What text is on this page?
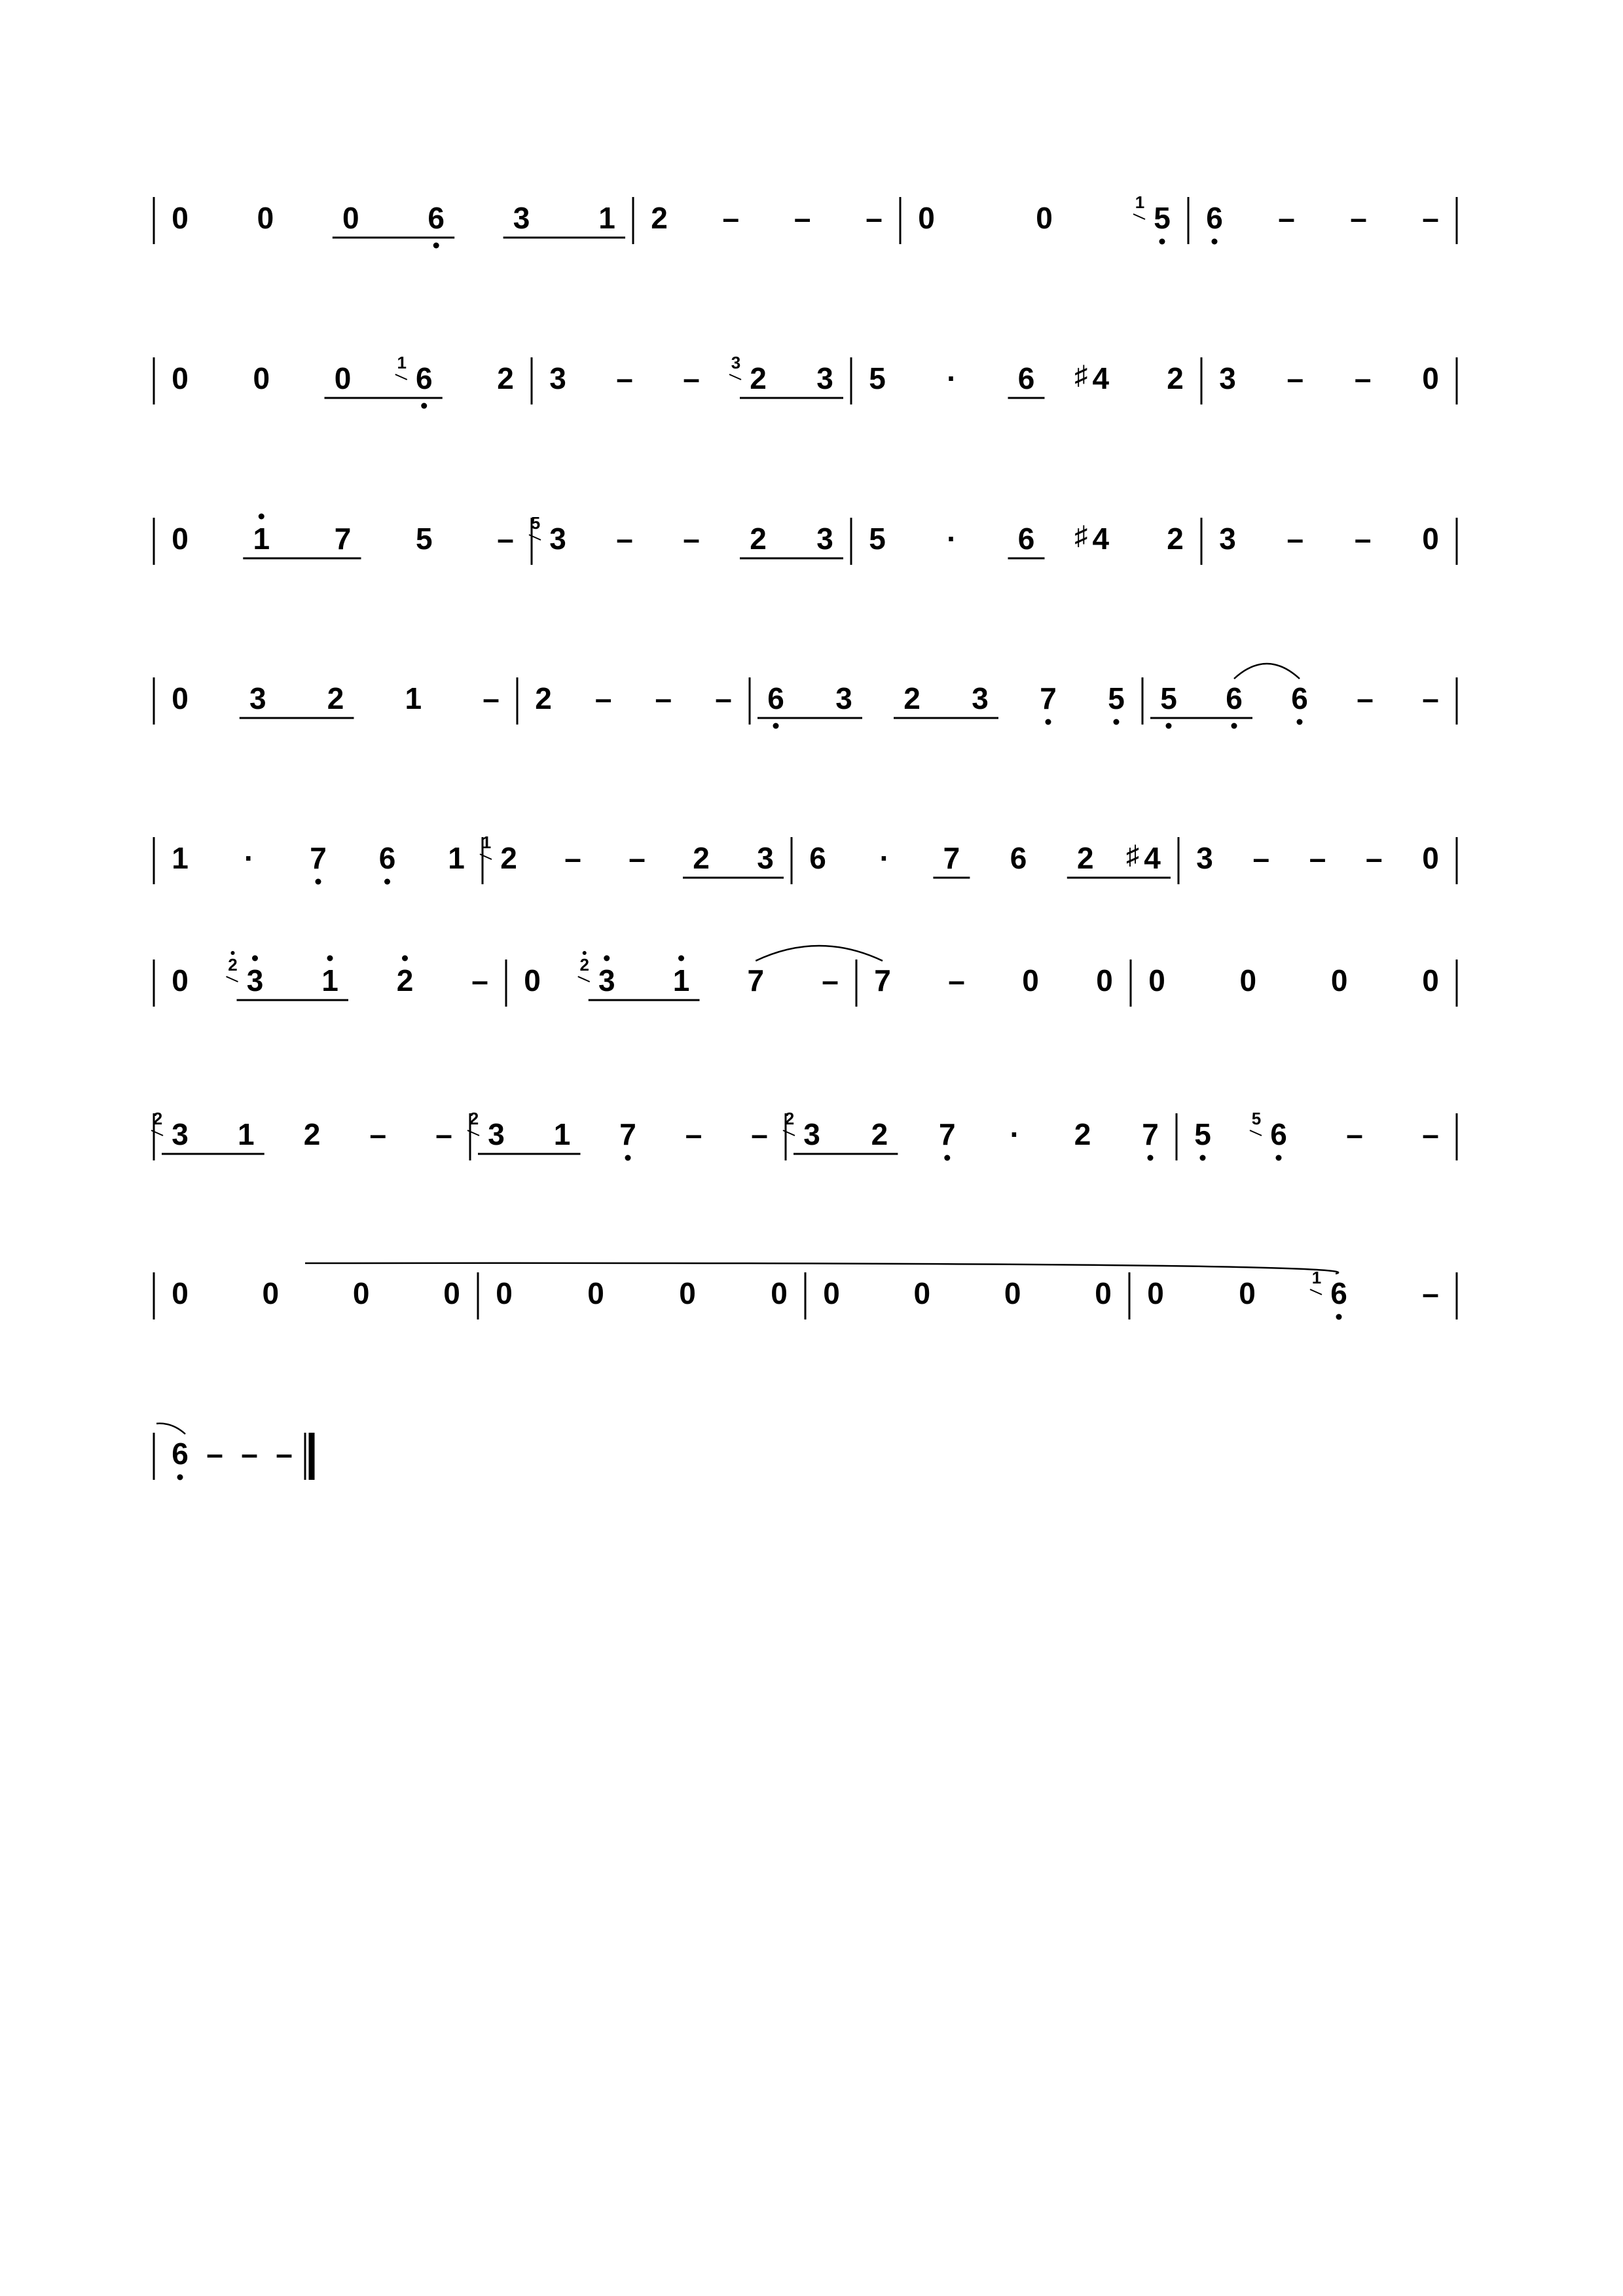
0 0 0 6 3 1 2 – – – 0	0	5
1 6 – – –
0 0 0 6
1	2 3 – – 2
3	3 5 · 6 4
♯	2 3 – – 0
0 1 7 5 – 3
5	– – 2 3 5 · 6 4
♯	2 3 – – 0
0 3 2 1 – 2 – – – 6 3 2 3 7 5 5 6 6 – –
1 · 7 6 1 2
1 – – 2 3 6 · 7 6 2 4
♯ 3 – – – 0
0 3
2	1 2 – 0 3
2	1 7 – 7 – 0 0 0 0 0 0
3
2 1 2 – – 3
2 1 7 – – 3
2	2 7 · 2 7 5 6
5	– –
0 0 0 0 0 0 0 0 0 0 0 0 0 0 6
1	–
6 – – –
